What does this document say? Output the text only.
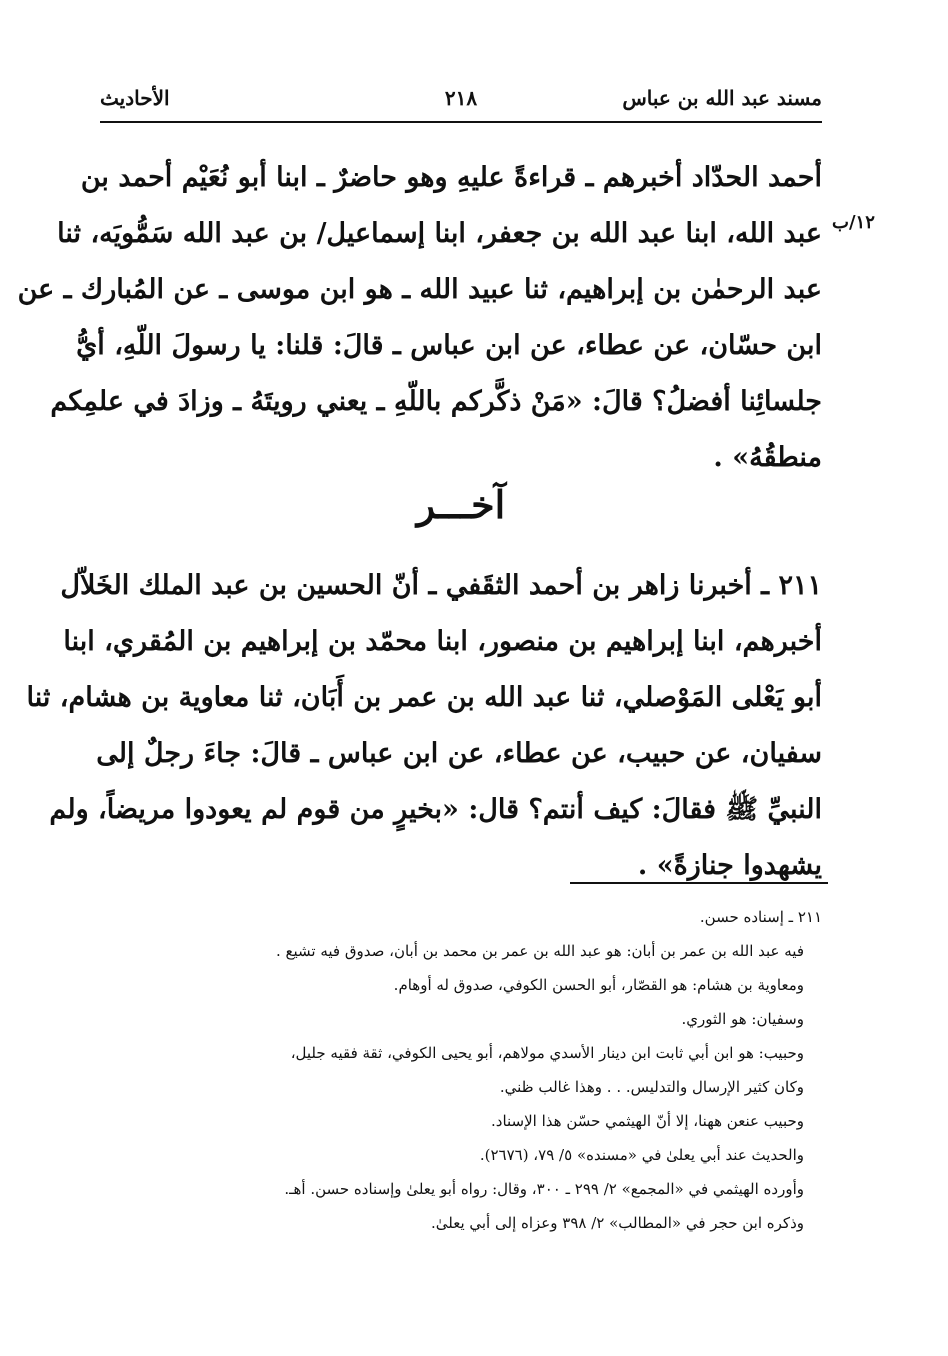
مسند عبد الله بن عباس
٢١٨
الأحاديث
١٢/ب
أحمد الحدّاد أخبرهم ـ قراءةً عليهِ وهو حاضرٌ ـ ابنا أبو نُعَيْم أحمد بن
عبد الله، ابنا عبد الله بن جعفر، ابنا إسماعيل/ بن عبد الله سَمُّويَه، ثنا
عبد الرحمٰن بن إبراهيم، ثنا عبيد الله ـ هو ابن موسى ـ عن المُبارك ـ عن
ابن حسّان، عن عطاء، عن ابن عباس ـ قالَ: قلنا: يا رسولَ اللّهِ، أيُّ
جلسائِنا أفضلُ؟ قالَ: «مَنْ ذكَّركم باللّهِ ـ يعني رويتَهُ ـ وزادَ في علمِكم
منطقُهُ» .
آخـــر
٢١١ ـ أخبرنا زاهر بن أحمد الثقَفي ـ أنّ الحسين بن عبد الملك الخَلاّل
أخبرهم، ابنا إبراهيم بن منصور، ابنا محمّد بن إبراهيم بن المُقري، ابنا
أبو يَعْلى المَوْصلي، ثنا عبد الله بن عمر بن أَبَان، ثنا معاوية بن هشام، ثنا
سفيان، عن حبيب، عن عطاء، عن ابن عباس ـ قالَ: جاءَ رجلٌ إلى
النبيِّ ﷺ فقالَ: كيف أنتم؟ قال: «بخيرٍ من قوم لم يعودوا مريضاً، ولم
يشهدوا جنازةً» .
٢١١ ـ إسناده حسن.
فيه عبد الله بن عمر بن أبان: هو عبد الله بن عمر بن محمد بن أبان، صدوق فيه تشيع .
ومعاوية بن هشام: هو القصّار، أبو الحسن الكوفي، صدوق له أوهام.
وسفيان: هو الثوري.
وحبيب: هو ابن أبي ثابت ابن دينار الأسدي مولاهم، أبو يحيى الكوفي، ثقة فقيه جليل،
وكان كثير الإرسال والتدليس. . . وهذا غالب ظني.
وحبيب عنعن ههنا، إلا أنّ الهيثمي حسّن هذا الإسناد.
والحديث عند أبي يعلىٰ في «مسنده» ٥/ ٧٩، (٢٦٧٦).
وأورده الهيثمي في «المجمع» ٢/ ٢٩٩ ـ ٣٠٠، وقال: رواه أبو يعلىٰ وإسناده حسن. أهـ.
وذكره ابن حجر في «المطالب» ٢/ ٣٩٨ وعزاه إلى أبي يعلىٰ.
